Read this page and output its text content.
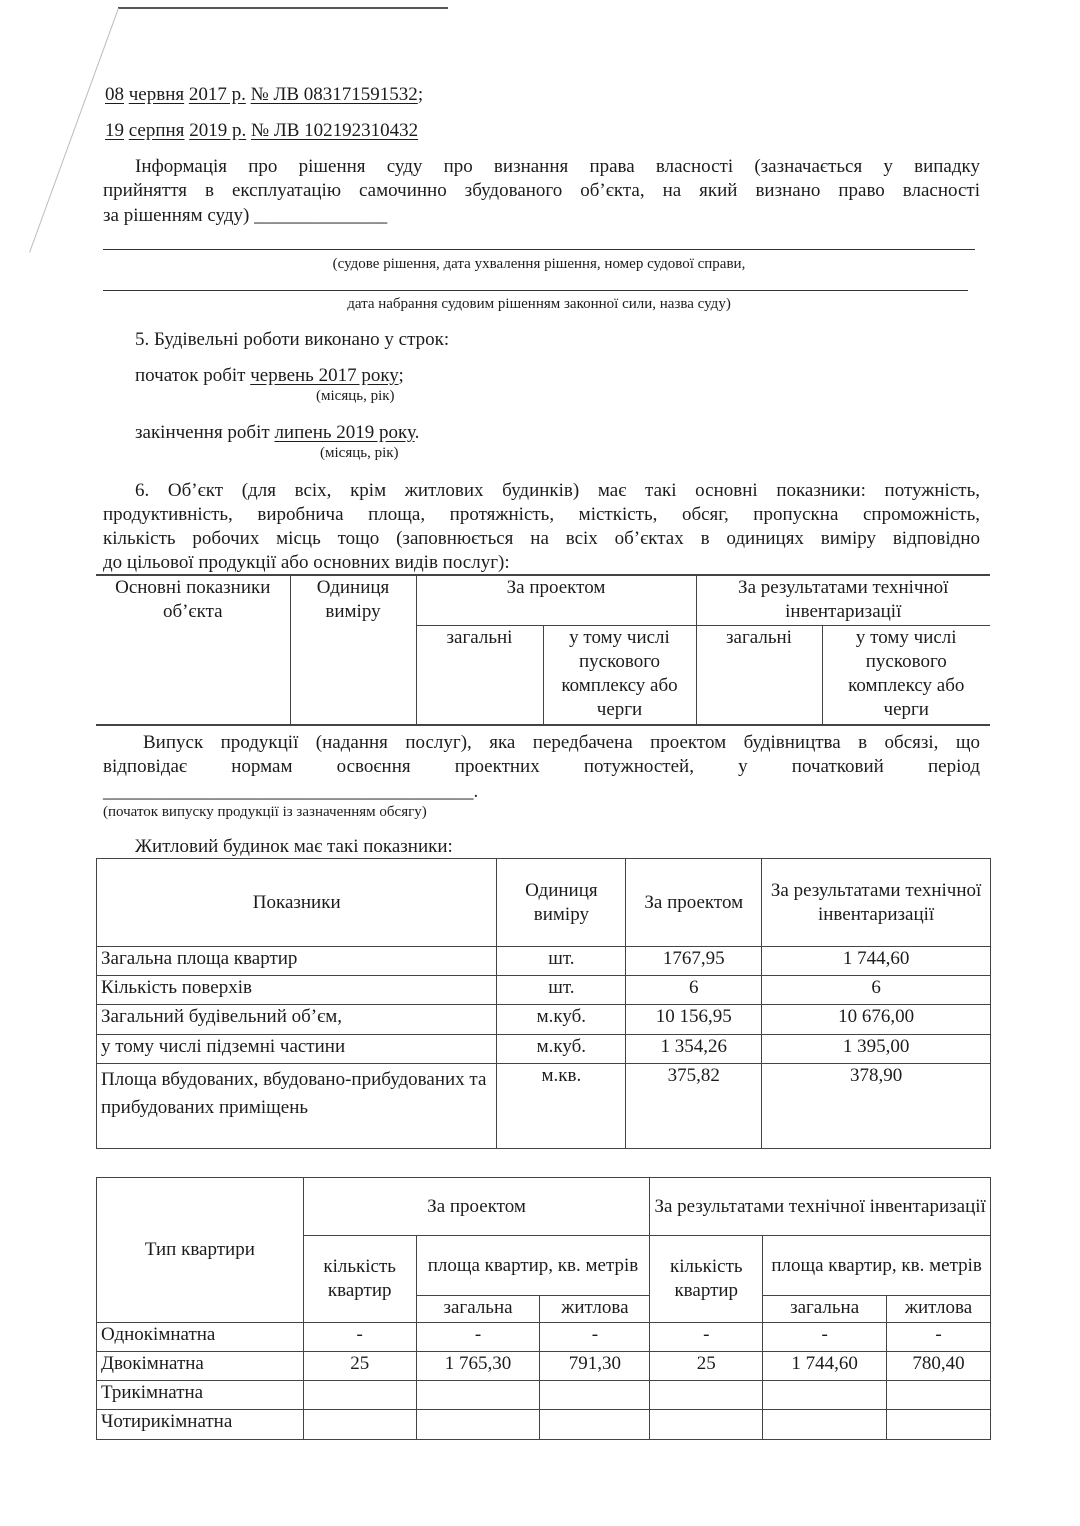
08 червня 2017 р. № ЛВ 083171591532;
19 серпня 2019 р. № ЛВ 102192310432
Інформація про рішення суду про визнання права власності (зазначається у випадку
прийняття в експлуатацію самочинно збудованого об’єкта, на який визнано право власності
за рішенням суду) ______________
(судове рішення, дата ухвалення рішення, номер судової справи,
дата набрання судовим рішенням законної сили, назва суду)
5. Будівельні роботи виконано у строк:
початок робіт червень 2017 року;
(місяць, рік)
закінчення робіт липень 2019 року.
(місяць, рік)
6. Об’єкт (для всіх, крім житлових будинків) має такі основні показники: потужність,
продуктивність, виробнича площа, протяжність, місткість, обсяг, пропускна спроможність,
кількість робочих місць тощо (заповнюється на всіх об’єктах в одиницях виміру відповідно
до цільової продукції або основних видів послуг):
Основні показники об’єкта	Одиниця виміру	За проектом		За результатами технічної інвентаризації	
		загальні	у тому числі пускового комплексу або черги	загальні	у тому числі пускового комплексу або черги
Випуск продукції (надання послуг), яка передбачена проектом будівництва в обсязі, що
відповідає нормам освоєння проектних потужностей, у початковий період
_______________________________________.
(початок випуску продукції із зазначенням обсягу)
Житловий будинок має такі показники:
Показники	Одиниця виміру	За проектом	За результатами технічної інвентаризації
Загальна площа квартир	шт.	1767,95	1 744,60
Кількість поверхів	шт.	6	6
Загальний будівельний об’єм,	м.куб.	10 156,95	10 676,00
у тому числі підземні частини	м.куб.	1 354,26	1 395,00
Площа вбудованих, вбудовано-прибудованих та прибудованих приміщень	м.кв.	375,82	378,90
Тип квартири	За проектом			За результатами технічної інвентаризації		
	кількість квартир	площа квартир, кв. метрів		кількість квартир	площа квартир, кв. метрів	
		загальна	житлова		загальна	житлова
Однокімнатна	-	-	-	-	-	-
Двокімнатна	25	1 765,30	791,30	25	1 744,60	780,40
Трикімнатна						
Чотирикімнатна						
